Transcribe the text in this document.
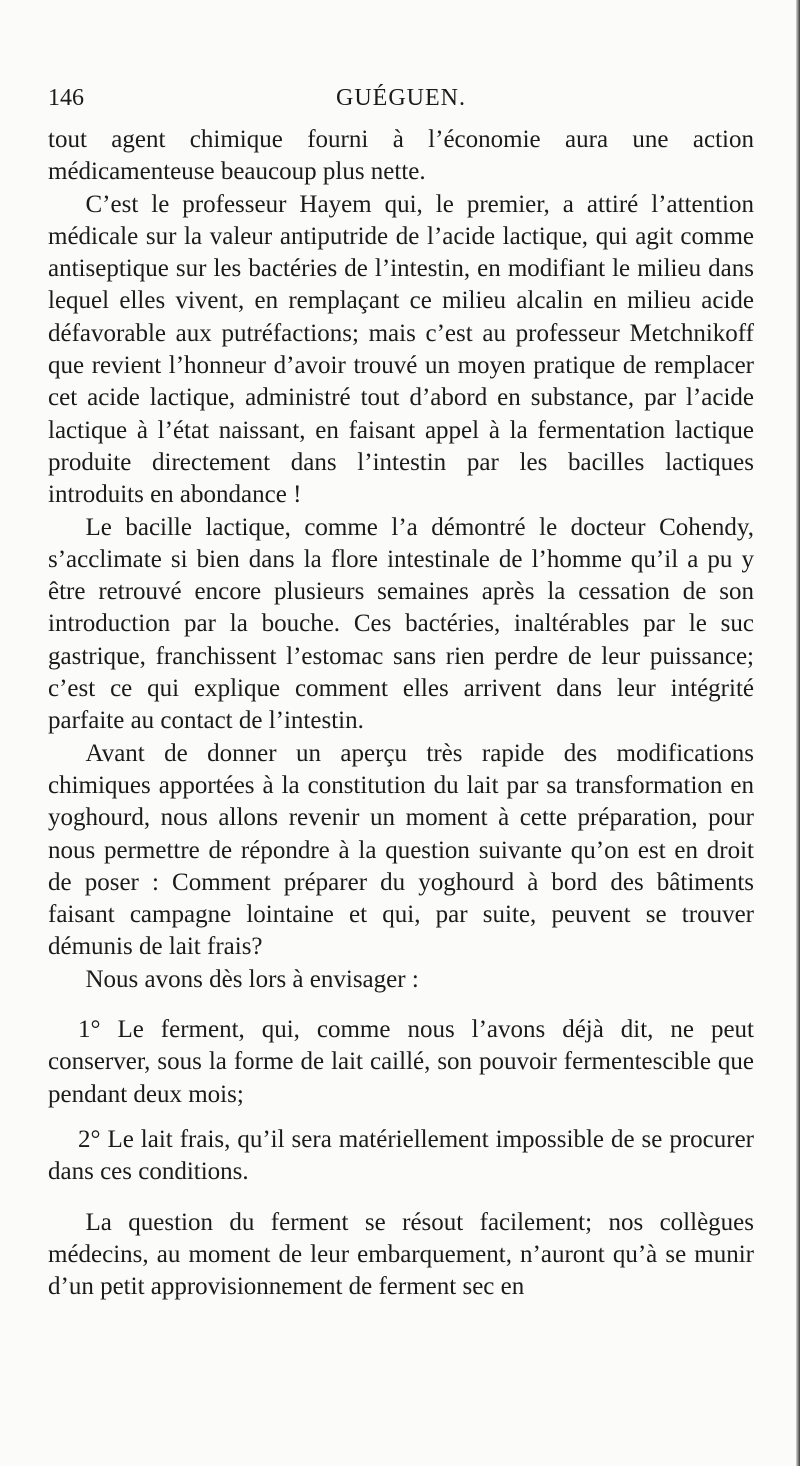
146	GUÉGUEN.

tout agent chimique fourni à l’économie aura une action médicamenteuse beaucoup plus nette.

C’est le professeur Hayem qui, le premier, a attiré l’attention médicale sur la valeur antiputride de l’acide lactique, qui agit comme antiseptique sur les bactéries de l’intestin, en modifiant le milieu dans lequel elles vivent, en remplaçant ce milieu alcalin en milieu acide défavorable aux putréfactions; mais c’est au professeur Metchnikoff que revient l’honneur d’avoir trouvé un moyen pratique de remplacer cet acide lactique, administré tout d’abord en substance, par l’acide lactique à l’état naissant, en faisant appel à la fermentation lactique produite directement dans l’intestin par les bacilles lactiques introduits en abondance !

Le bacille lactique, comme l’a démontré le docteur Cohendy, s’acclimate si bien dans la flore intestinale de l’homme qu’il a pu y être retrouvé encore plusieurs semaines après la cessation de son introduction par la bouche. Ces bactéries, inaltérables par le suc gastrique, franchissent l’estomac sans rien perdre de leur puissance; c’est ce qui explique comment elles arrivent dans leur intégrité parfaite au contact de l’intestin.

Avant de donner un aperçu très rapide des modifications chimiques apportées à la constitution du lait par sa transformation en yoghourd, nous allons revenir un moment à cette préparation, pour nous permettre de répondre à la question suivante qu’on est en droit de poser : Comment préparer du yoghourd à bord des bâtiments faisant campagne lointaine et qui, par suite, peuvent se trouver démunis de lait frais?

Nous avons dès lors à envisager :

1° Le ferment, qui, comme nous l’avons déjà dit, ne peut conserver, sous la forme de lait caillé, son pouvoir fermentescible que pendant deux mois;

2° Le lait frais, qu’il sera matériellement impossible de se procurer dans ces conditions.

La question du ferment se résout facilement; nos collègues médecins, au moment de leur embarquement, n’auront qu’à se munir d’un petit approvisionnement de ferment sec en
